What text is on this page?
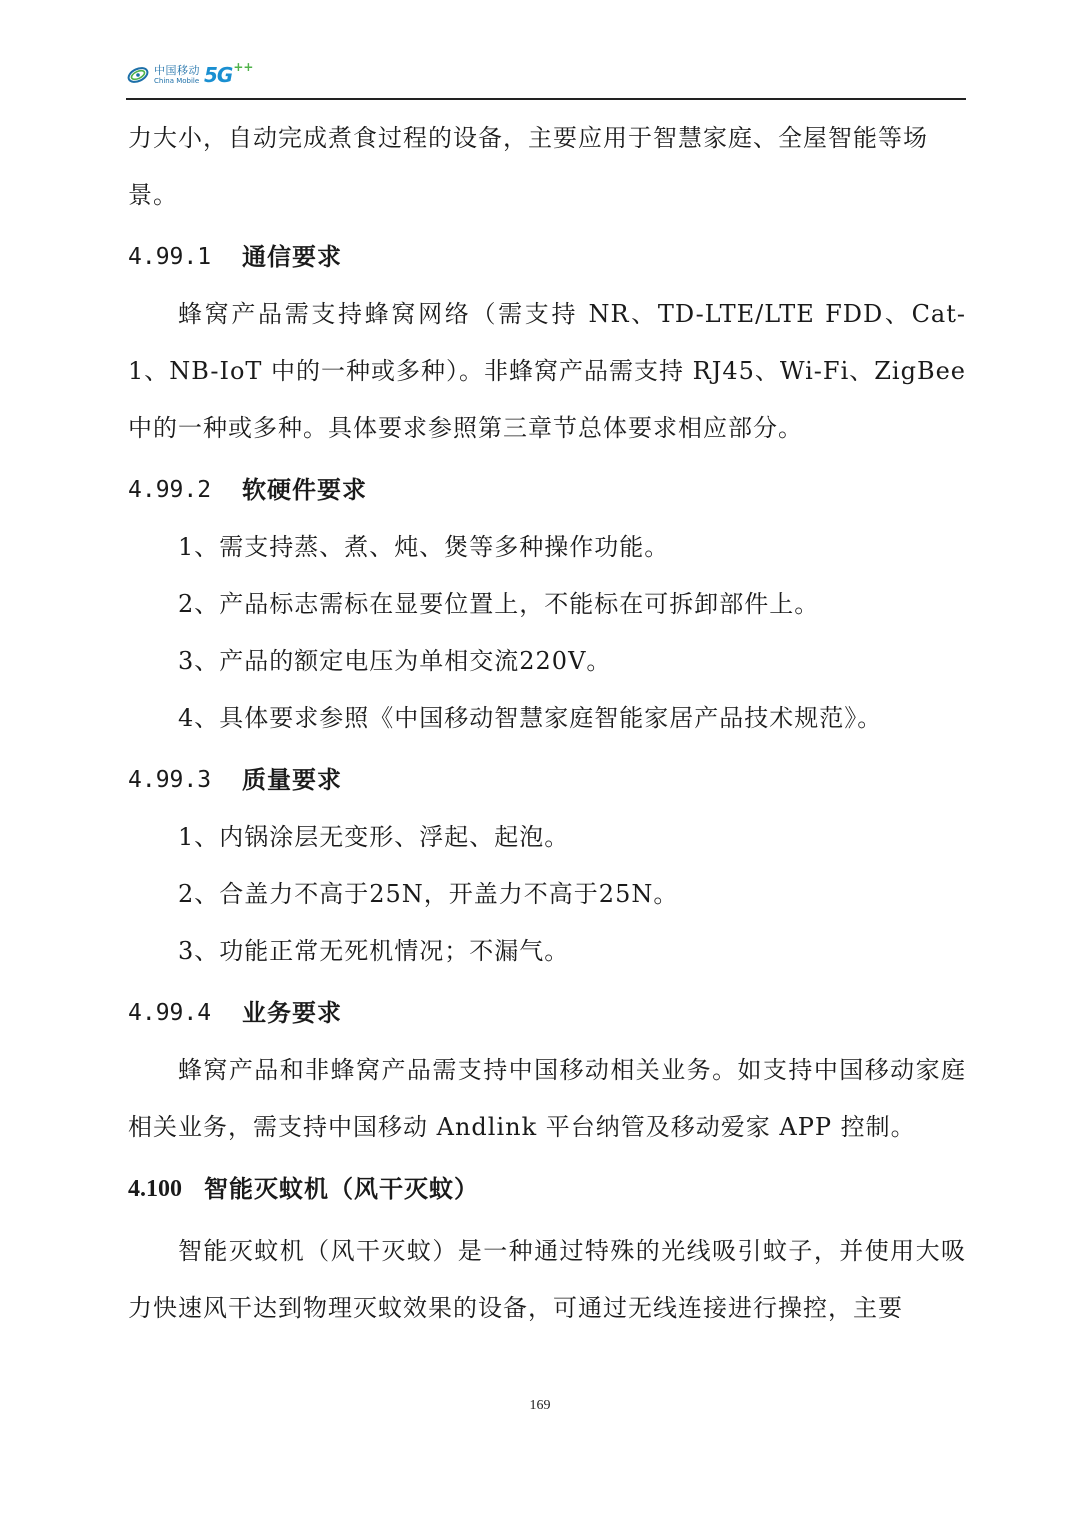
中国移动
China Mobile 5G ++

力大小，自动完成煮食过程的设备，主要应用于智慧家庭、全屋智能等场

景。

4.99.1	通信要求

蜂窝产品需支持蜂窝网络（需支持 NR、TD-LTE/LTE FDD、Cat-1、NB-IoT 中的一种或多种）。非蜂窝产品需支持 RJ45、Wi-Fi、ZigBee 中的一种或多种。具体要求参照第三章节总体要求相应部分。

4.99.2	软硬件要求

1、需支持蒸、煮、炖、煲等多种操作功能。

2、产品标志需标在显要位置上，不能标在可拆卸部件上。

3、产品的额定电压为单相交流220V。

4、具体要求参照《中国移动智慧家庭智能家居产品技术规范》。

4.99.3	质量要求

1、内锅涂层无变形、浮起、起泡。

2、合盖力不高于25N，开盖力不高于25N。

3、功能正常无死机情况；不漏气。

4.99.4	业务要求

蜂窝产品和非蜂窝产品需支持中国移动相关业务。如支持中国移动家庭相关业务，需支持中国移动 Andlink 平台纳管及移动爱家 APP 控制。

4.100 智能灭蚊机（风干灭蚊）

智能灭蚊机（风干灭蚊）是一种通过特殊的光线吸引蚊子，并使用大吸力快速风干达到物理灭蚊效果的设备，可通过无线连接进行操控，主要

169
